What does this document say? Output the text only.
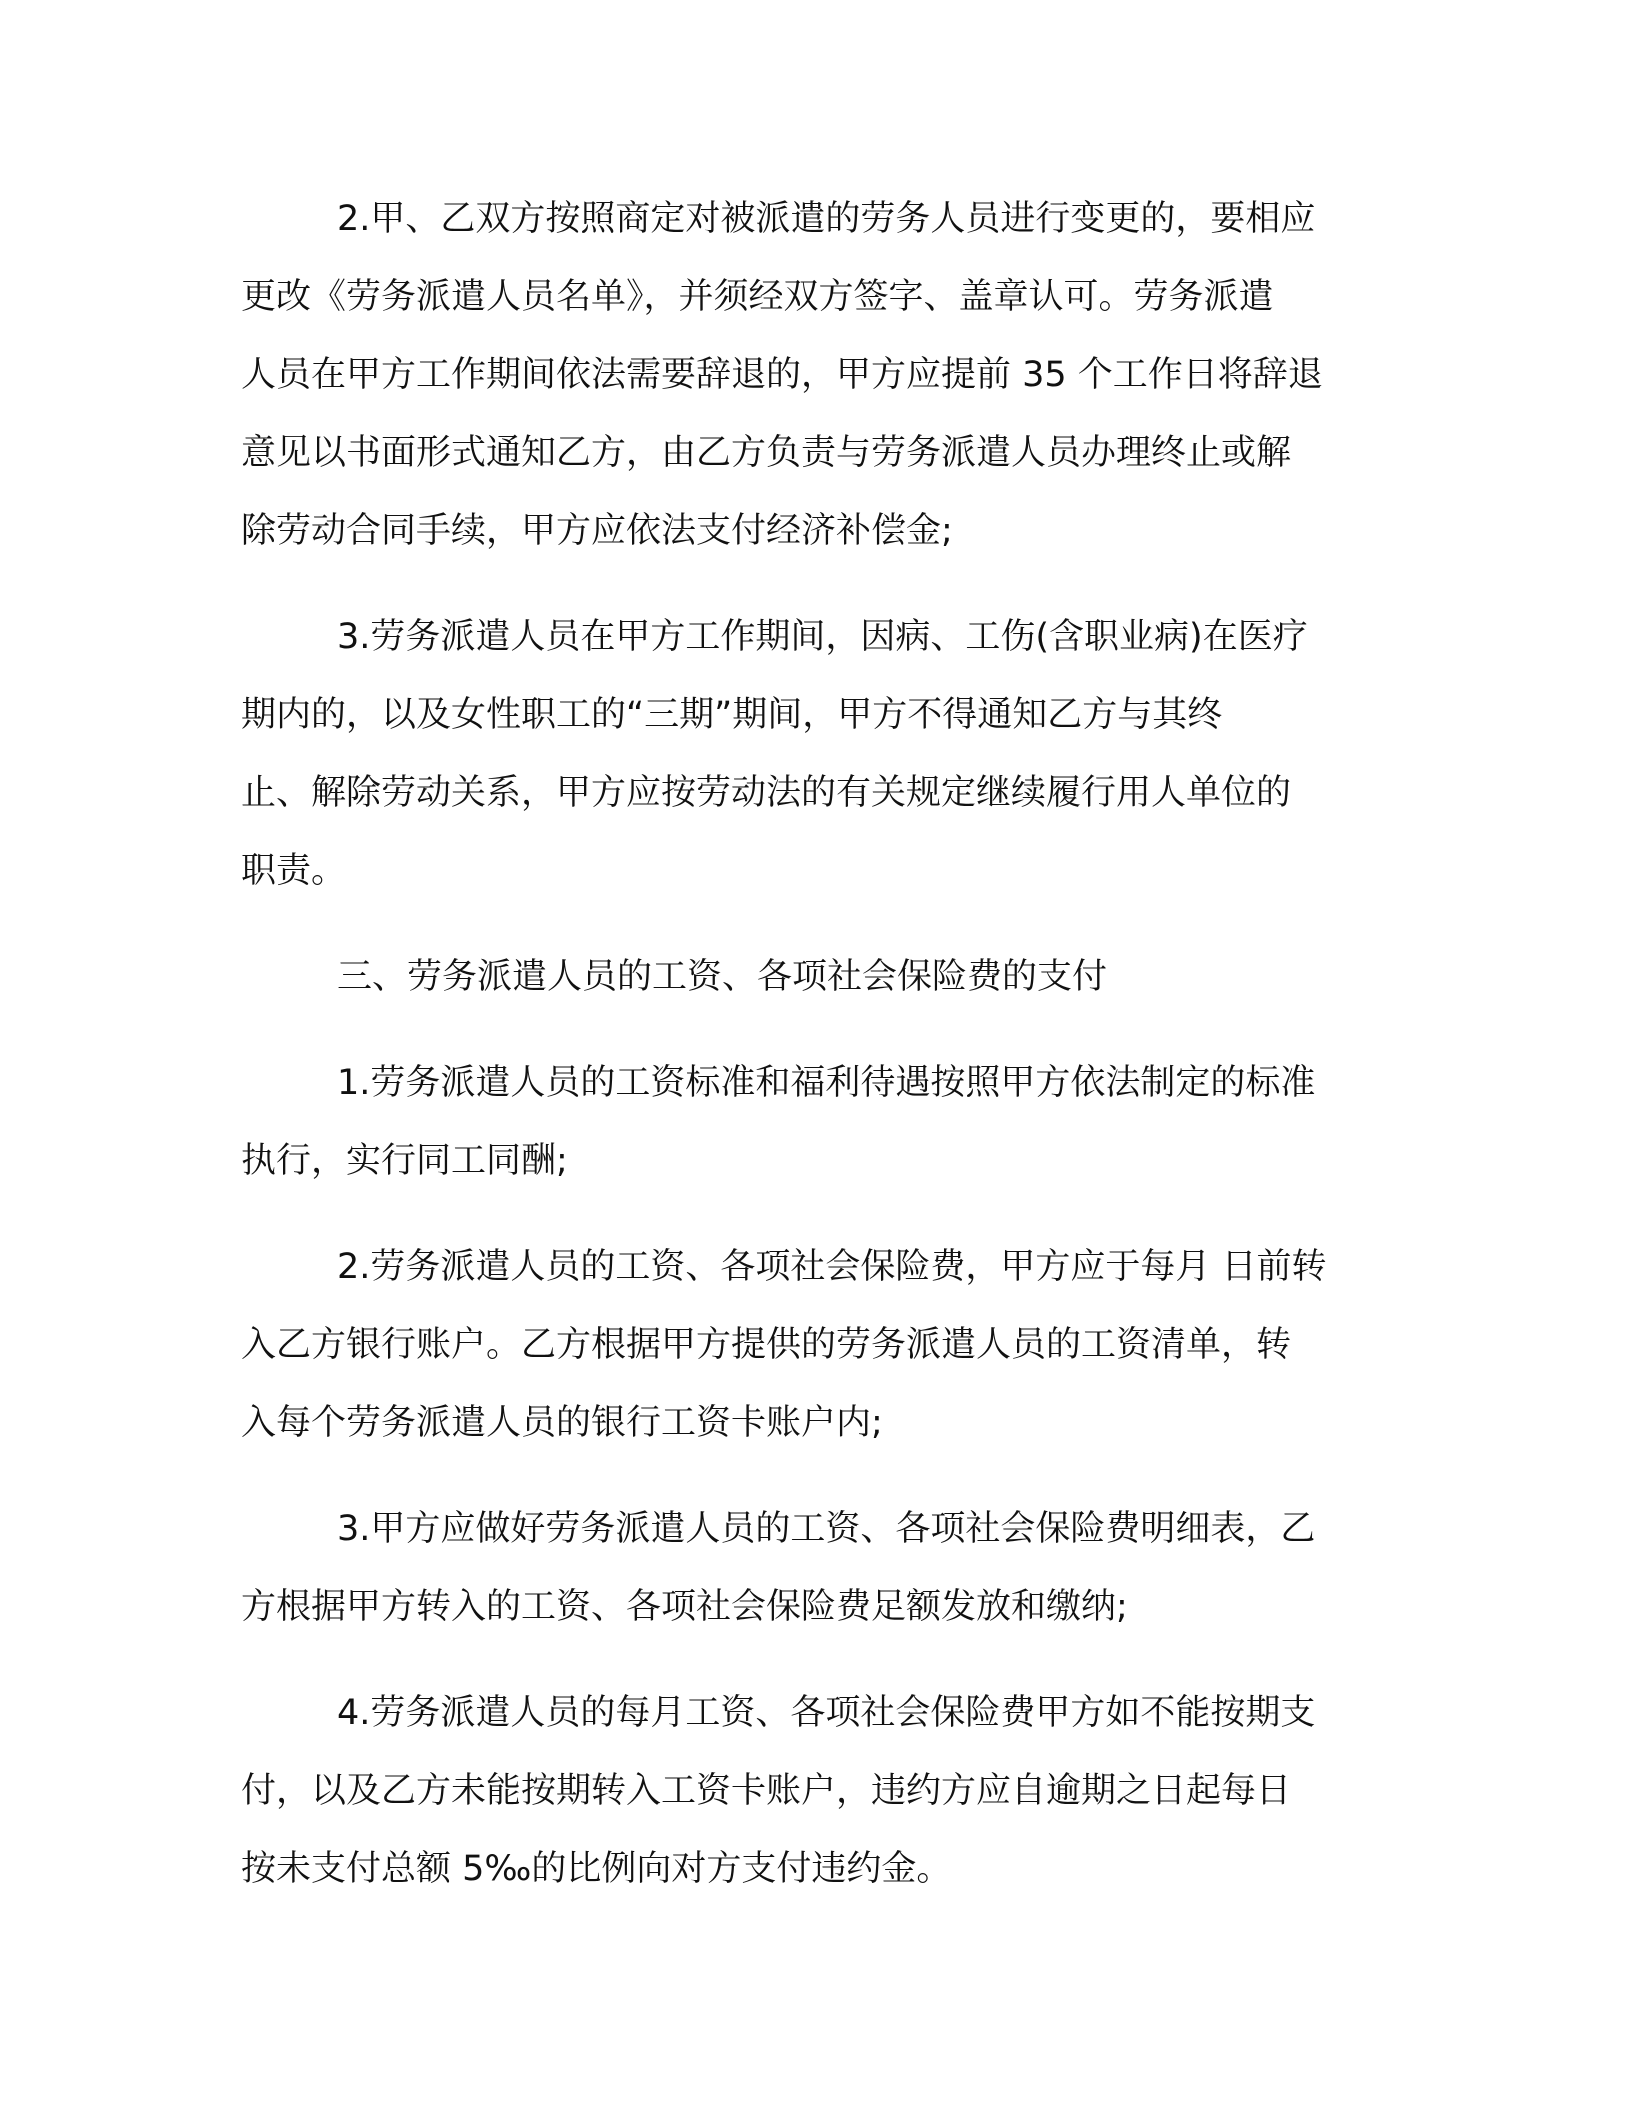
2.甲、乙双方按照商定对被派遣的劳务人员进行变更的，要相应
更改《劳务派遣人员名单》，并须经双方签字、盖章认可。劳务派遣
人员在甲方工作期间依法需要辞退的，甲方应提前 35 个工作日将辞退
意见以书面形式通知乙方，由乙方负责与劳务派遣人员办理终止或解
除劳动合同手续，甲方应依法支付经济补偿金;

3.劳务派遣人员在甲方工作期间，因病、工伤(含职业病)在医疗
期内的，以及女性职工的“三期”期间，甲方不得通知乙方与其终
止、解除劳动关系，甲方应按劳动法的有关规定继续履行用人单位的
职责。

三、劳务派遣人员的工资、各项社会保险费的支付

1.劳务派遣人员的工资标准和福利待遇按照甲方依法制定的标准
执行，实行同工同酬;

2.劳务派遣人员的工资、各项社会保险费，甲方应于每月 日前转
入乙方银行账户。乙方根据甲方提供的劳务派遣人员的工资清单，转
入每个劳务派遣人员的银行工资卡账户内;

3.甲方应做好劳务派遣人员的工资、各项社会保险费明细表，乙
方根据甲方转入的工资、各项社会保险费足额发放和缴纳;

4.劳务派遣人员的每月工资、各项社会保险费甲方如不能按期支
付，以及乙方未能按期转入工资卡账户，违约方应自逾期之日起每日
按未支付总额 5‰的比例向对方支付违约金。
